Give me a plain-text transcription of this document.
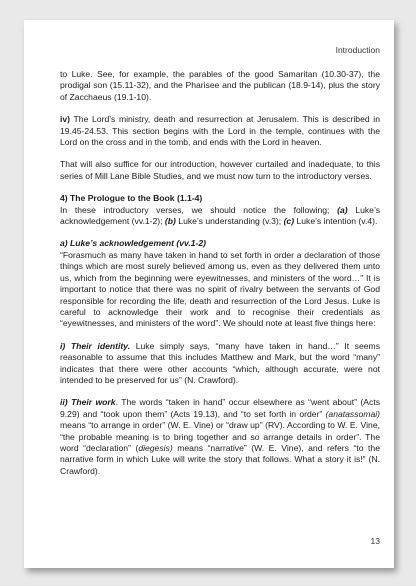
Introduction

to Luke. See, for example, the parables of the good Samaritan (10.30-37), the prodigal son (15.11-32), and the Pharisee and the publican (18.9-14), plus the story of Zacchaeus (19.1-10).

iv) The Lord’s ministry, death and resurrection at Jerusalem. This is described in 19.45-24.53. This section begins with the Lord in the temple, continues with the Lord on the cross and in the tomb, and ends with the Lord in heaven.

That will also suffice for our introduction, however curtailed and inadequate, to this series of Mill Lane Bible Studies, and we must now turn to the introductory verses.

4) The Prologue to the Book (1.1-4)

In these introductory verses, we should notice the following; (a) Luke’s acknowledgement (vv.1-2); (b) Luke’s understanding (v.3); (c) Luke’s intention (v.4).

a) Luke’s acknowledgement (vv.1-2)

“Forasmuch as many have taken in hand to set forth in order a declaration of those things which are most surely believed among us, even as they delivered them unto us, which from the beginning were eyewitnesses, and ministers of the word…” It is important to notice that there was no spirit of rivalry between the servants of God responsible for recording the life, death and resurrection of the Lord Jesus. Luke is careful to acknowledge their work and to recognise their credentials as “eyewitnesses, and ministers of the word”. We should note at least five things here:

i) Their identity. Luke simply says, “many have taken in hand…” It seems reasonable to assume that this includes Matthew and Mark, but the word “many” indicates that there were other accounts “which, although accurate, were not intended to be preserved for us” (N. Crawford).

ii) Their work. The words “taken in hand” occur elsewhere as “went about” (Acts 9.29) and “took upon them” (Acts 19.13), and “to set forth in order” (anatassomai) means “to arrange in order” (W. E. Vine) or “draw up” (RV). According to W. E. Vine, “the probable meaning is to bring together and so arrange details in order”. The word “declaration” (diegesis) means “narrative” (W. E. Vine), and refers “to the narrative form in which Luke will write the story that follows. What a story it is!” (N. Crawford).

13
